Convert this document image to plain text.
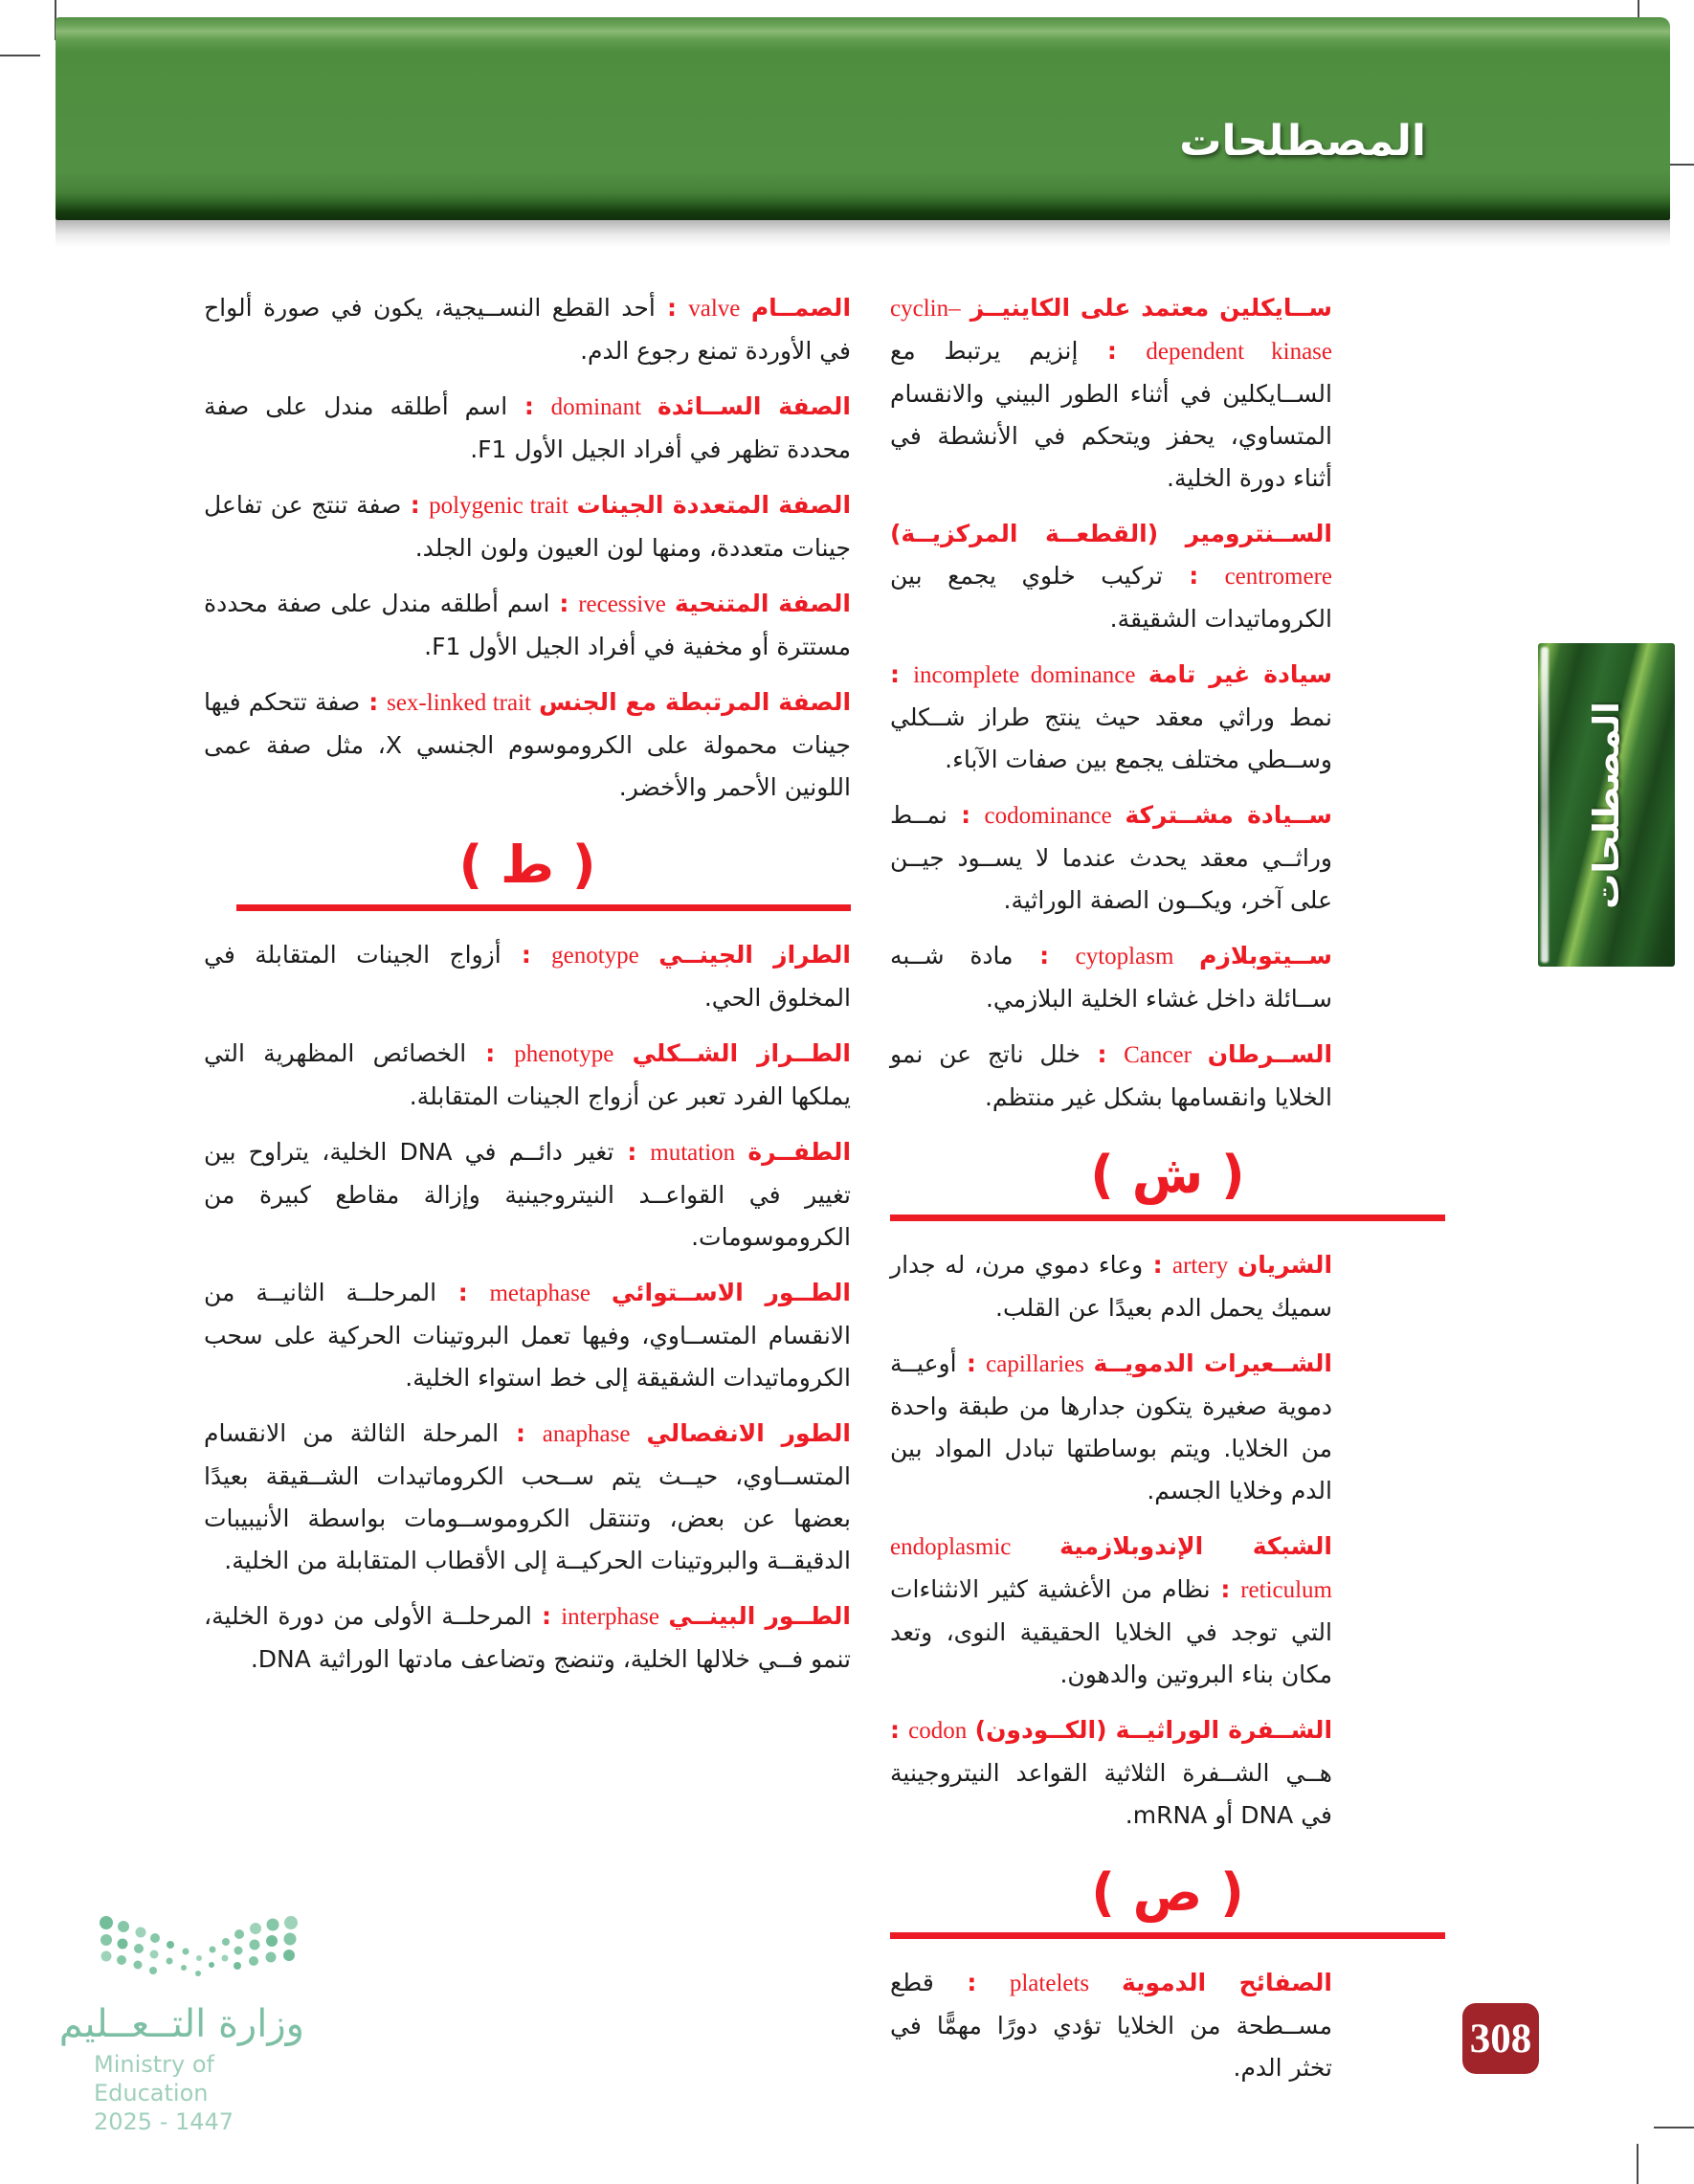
المصطلحات
المصطلحات

ســايكلين معتمد على الكاينيــز cyclin–dependent kinase : إنزيم يرتبط مع الســايكلين في أثناء الطور البيني والانقسام المتساوي، يحفز ويتحكم في الأنشطة في أثناء دورة الخلية.

الســنترومير (القطعــة المركزيــة) centromere : تركيب خلوي يجمع بين الكروماتيدات الشقيقة.

سيادة غير تامة incomplete dominance : نمط وراثي معقد حيث ينتج طراز شــكلي وســطي مختلف يجمع بين صفات الآباء.

ســيادة مشــتركة codominance : نمــط وراثــي معقد يحدث عندما لا يســود جيــن على آخر، ويكــون الصفة الوراثية.

ســيتوبلازم cytoplasm : مادة شــبه ســائلة داخل غشاء الخلية البلازمي.

الســرطان Cancer : خلل ناتج عن نمو الخلايا وانقسامها بشكل غير منتظم.

( ش )

الشريان artery : وعاء دموي مرن، له جدار سميك يحمل الدم بعيدًا عن القلب.

الشــعيرات الدمويــة capillaries : أوعيــة دموية صغيرة يتكون جدارها من طبقة واحدة من الخلايا. ويتم بوساطتها تبادل المواد بين الدم وخلايا الجسم.

الشبكة الإندوبلازمية endoplasmic reticulum : نظام من الأغشية كثير الانثناءات التي توجد في الخلايا الحقيقية النوى، وتعد مكان بناء البروتين والدهون.

الشــفرة الوراثيــة (الكــودون) codon : هــي الشــفرة الثلاثية القواعد النيتروجينية في DNA أو mRNA.

( ص )

الصفائح الدموية platelets : قطع مســطحة من الخلايا تؤدي دورًا مهمًّا في تخثر الدم.

الصمــام valve : أحد القطع النســيجية، يكون في صورة ألواح في الأوردة تمنع رجوع الدم.

الصفة الســائدة dominant : اسم أطلقه مندل على صفة محددة تظهر في أفراد الجيل الأول F1.

الصفة المتعددة الجينات polygenic trait : صفة تنتج عن تفاعل جينات متعددة، ومنها لون العيون ولون الجلد.

الصفة المتنحية recessive : اسم أطلقه مندل على صفة محددة مستترة أو مخفية في أفراد الجيل الأول F1.

الصفة المرتبطة مع الجنس sex-linked trait : صفة تتحكم فيها جينات محمولة على الكروموسوم الجنسي X، مثل صفة عمى اللونين الأحمر والأخضر.

( ط )

الطراز الجينــي genotype : أزواج الجينات المتقابلة في المخلوق الحي.

الطــراز الشــكلي phenotype : الخصائص المظهرية التي يملكها الفرد تعبر عن أزواج الجينات المتقابلة.

الطفــرة mutation : تغير دائــم في DNA الخلية، يتراوح بين تغيير في القواعــد النيتروجينية وإزالة مقاطع كبيرة من الكروموسومات.

الطــور الاســتوائي metaphase : المرحلــة الثانيــة من الانقسام المتســاوي، وفيها تعمل البروتينات الحركية على سحب الكروماتيدات الشقيقة إلى خط استواء الخلية.

الطور الانفصالي anaphase : المرحلة الثالثة من الانقسام المتســاوي، حيــث يتم ســحب الكروماتيدات الشــقيقة بعيدًا بعضها عن بعض، وتنتقل الكروموســومات بواسطة الأنيبيبات الدقيقــة والبروتينات الحركيــة إلى الأقطاب المتقابلة من الخلية.

الطــور البينــي interphase : المرحلــة الأولى من دورة الخلية، تنمو فــي خلالها الخلية، وتنضج وتضاعف مادتها الوراثية DNA.

وزارة التــعــليم
Ministry of Education
2025 - 1447
308
